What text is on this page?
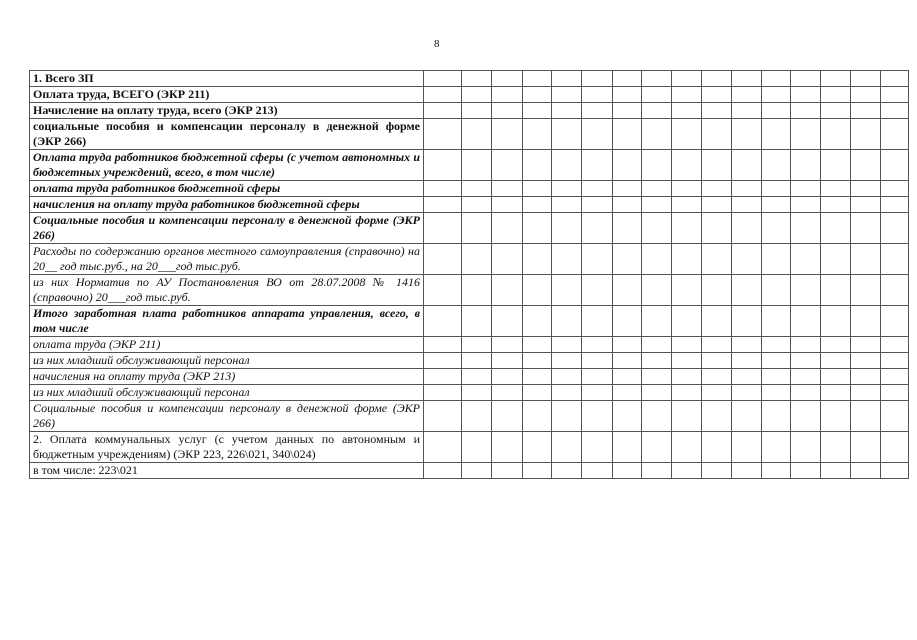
8
1. Всего ЗП																
Оплата труда, ВСЕГО (ЭКР 211)																
Начисление на оплату труда, всего (ЭКР 213)																
социальные пособия и компенсации персоналу в денежной форме (ЭКР 266)																
Оплата труда работников бюджетной сферы (с учетом автономных и бюджетных учреждений, всего, в том числе)																
оплата труда работников бюджетной сферы																
начисления на оплату труда работников бюджетной сферы																
Социальные пособия и компенсации персоналу в денежной форме (ЭКР 266)																
Расходы по содержанию органов местного самоуправления (справочно) на 20__ год тыс.руб., на 20___год тыс.руб.																
из них Норматив по АУ Постановления ВО от 28.07.2008 № 1416 (справочно) 20___год тыс.руб.																
Итого заработная плата работников аппарата управления, всего, в том числе																
оплата труда (ЭКР 211)																
из них младший обслуживающий персонал																
начисления на оплату труда (ЭКР 213)																
из них младший обслуживающий персонал																
Социальные пособия и компенсации персоналу в денежной форме (ЭКР 266)																
2. Оплата коммунальных услуг (с учетом данных по автономным и бюджетным учреждениям) (ЭКР 223, 226\021, 340\024)																
в том числе: 223\021																
